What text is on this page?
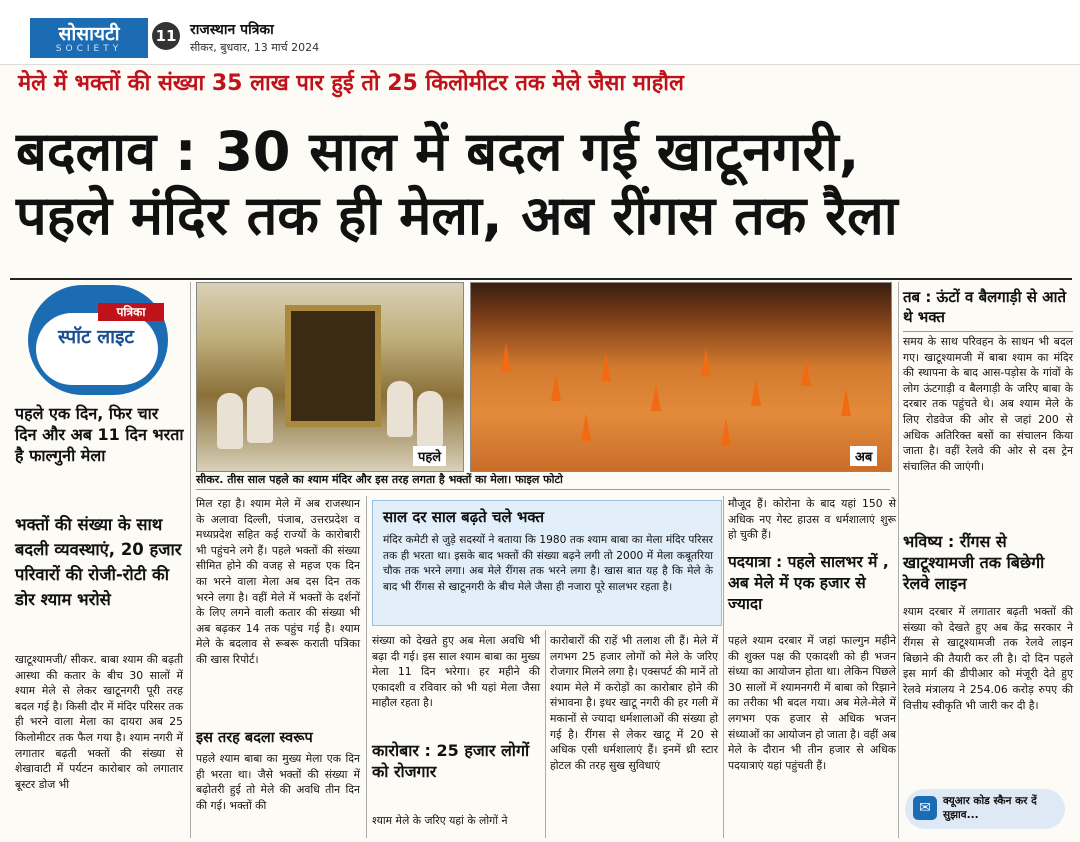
सोसायटी
SOCIETY
11 राजस्थान पत्रिका
सीकर, बुधवार, 13 मार्च 2024
मेले में भक्तों की संख्या 35 लाख पार हुई तो 25 किलोमीटर तक मेले जैसा माहौल
बदलाव : 30 साल में बदल गई खाटूनगरी,
पहले मंदिर तक ही मेला, अब रींगस तक रैला
पत्रिका
स्पॉट लाइट
पहले एक दिन, फिर चार दिन और अब 11 दिन भरता है फाल्गुनी मेला
भक्तों की संख्या के साथ बदली व्यवस्थाएं, 20 हजार परिवारों की रोजी-रोटी की डोर श्याम भरोसे
खाटूश्यामजी/ सीकर. बाबा श्याम की बढ़ती आस्था की कतार के बीच 30 सालों में श्याम मेले से लेकर खाटूनगरी पूरी तरह बदल गई है। किसी दौर में मंदिर परिसर तक ही भरने वाला मेला का दायरा अब 25 किलोमीटर तक फैल गया है। श्याम नगरी में लगातार बढ़ती भक्तों की संख्या से शेखावाटी में पर्यटन कारोबार को लगातार बूस्टर डोज भी
पहले	अब
सीकर. तीस साल पहले का श्याम मंदिर और इस तरह लगता है भक्तों का मेला। फाइल फोटो
मिल रहा है। श्याम मेले में अब राजस्थान के अलावा दिल्ली, पंजाब, उत्तरप्रदेश व मध्यप्रदेश सहित कई राज्यों के कारोबारी भी पहुंचने लगे हैं। पहले भक्तों की संख्या सीमित होने की वजह से महज एक दिन का भरने वाला मेला अब दस दिन तक भरने लगा है। वहीं मेले में भक्तों के दर्शनों के लिए लगने वाली कतार की संख्या भी अब बढ़कर 14 तक पहुंच गई है। श्याम मेले के बदलाव से रूबरू कराती पत्रिका की खास रिपोर्ट।
इस तरह बदला स्वरूप
पहले श्याम बाबा का मुख्य मेला एक दिन ही भरता था। जैसे भक्तों की संख्या में बढ़ोतरी हुई तो मेले की अवधि तीन दिन की गई। भक्तों की
साल दर साल बढ़ते चले भक्त
मंदिर कमेटी से जुड़े सदस्यों ने बताया कि 1980 तक श्याम बाबा का मेला मंदिर परिसर तक ही भरता था। इसके बाद भक्तों की संख्या बढ़ने लगी तो 2000 में मेला कबूतरिया चौक तक भरने लगा। अब मेले रींगस तक भरने लगा है। खास बात यह है कि मेले के बाद भी रींगस से खाटूनगरी के बीच मेले जैसा ही नजारा पूरे सालभर रहता है।
संख्या को देखते हुए अब मेला अवधि भी बढ़ा दी गई। इस साल श्याम बाबा का मुख्य मेला 11 दिन भरेगा। हर महीने की एकादशी व रविवार को भी यहां मेला जैसा माहौल रहता है।
कारोबार : 25 हजार लोगों को रोजगार
श्याम मेले के जरिए यहां के लोगों ने
कारोबारों की राहें भी तलाश ली हैं। मेले में लगभग 25 हजार लोगों को मेले के जरिए रोजगार मिलने लगा है। एक्सपर्ट की मानें तो श्याम मेले में करोड़ों का कारोबार होने की संभावना है। इधर खाटू नगरी की हर गली में मकानों से ज्यादा धर्मशालाओं की संख्या हो गई है। रींगस से लेकर खाटू में 20 से अधिक एसी धर्मशालाएं हैं। इनमें थ्री स्टार होटल की तरह सुख सुविधाएं
मौजूद हैं। कोरोना के बाद यहां 150 से अधिक नए गेस्ट हाउस व धर्मशालाएं शुरू हो चुकी हैं।
पदयात्रा : पहले सालभर में , अब मेले में एक हजार से ज्यादा
पहले श्याम दरबार में जहां फाल्गुन महीने की शुक्ल पक्ष की एकादशी को ही भजन संध्या का आयोजन होता था। लेकिन पिछले 30 सालों में श्यामनगरी में बाबा को रिझाने का तरीका भी बदल गया। अब मेले-मेले में लगभग एक हजार से अधिक भजन संध्याओं का आयोजन हो जाता है। वहीं अब मेले के दौरान भी तीन हजार से अधिक पदयात्राएं यहां पहुंचती हैं।
तब : ऊंटों व बैलगाड़ी से आते थे भक्त
समय के साथ परिवहन के साधन भी बदल गए। खाटूश्यामजी में बाबा श्याम का मंदिर की स्थापना के बाद आस-पड़ोस के गांवों के लोग ऊंटगाड़ी व बैलगाड़ी के जरिए बाबा के दरबार तक पहुंचते थे। अब श्याम मेले के लिए रोडवेज की ओर से जहां 200 से अधिक अतिरिक्त बसों का संचालन किया जाता है। वहीं रेलवे की ओर से दस ट्रेन संचालित की जाएंगी।
भविष्य : रींगस से खाटूश्यामजी तक बिछेगी रेलवे लाइन
श्याम दरबार में लगातार बढ़ती भक्तों की संख्या को देखते हुए अब केंद्र सरकार ने रींगस से खाटूश्यामजी तक रेलवे लाइन बिछाने की तैयारी कर ली है। दो दिन पहले इस मार्ग की डीपीआर को मंजूरी देते हुए रेलवे मंत्रालय ने 254.06 करोड़ रुपए की वित्तीय स्वीकृति भी जारी कर दी है।
✉	क्यूआर कोड स्कैन कर दें सुझाव...
